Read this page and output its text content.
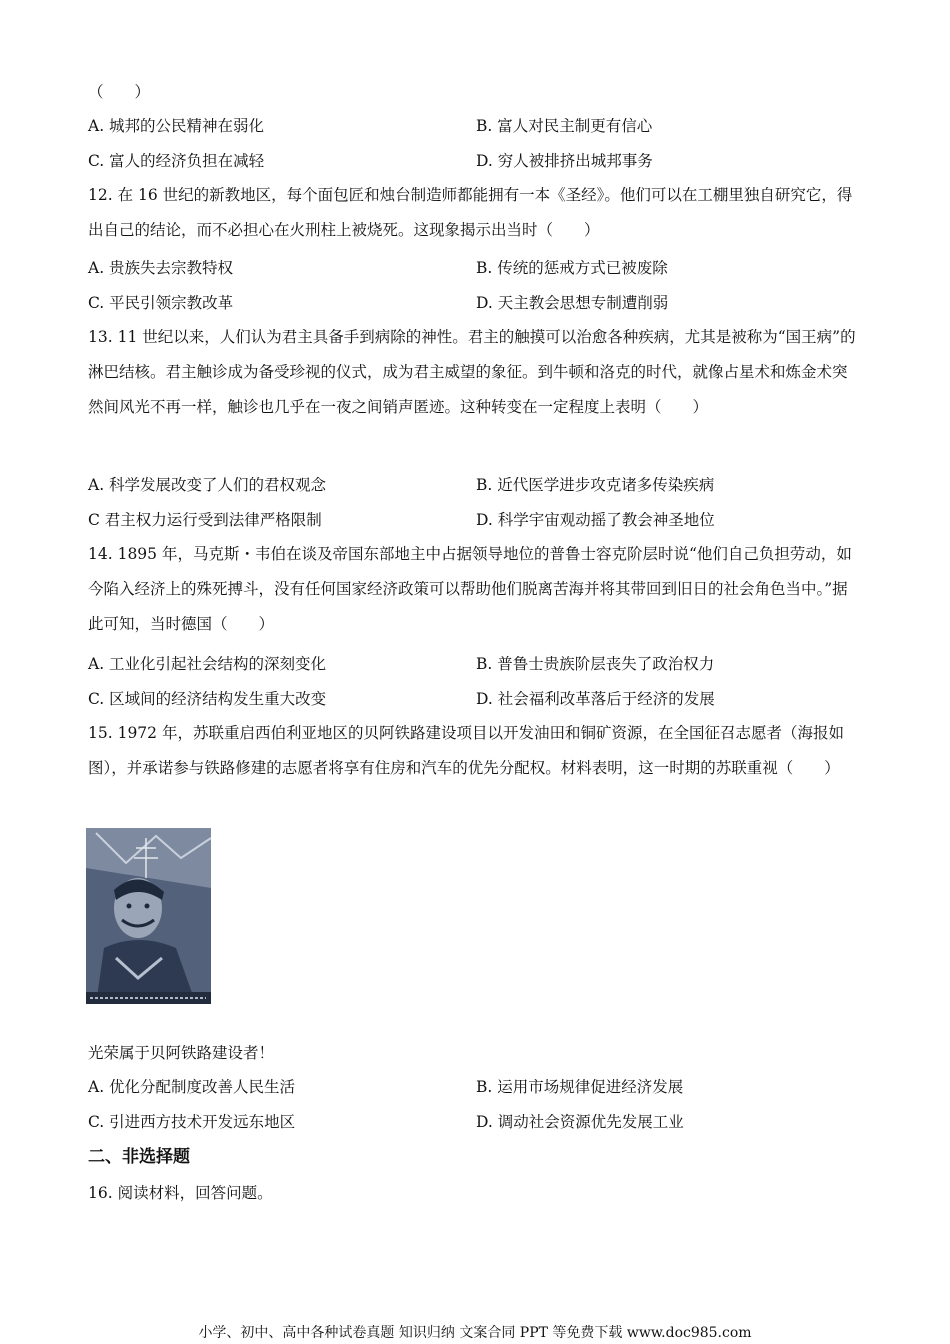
（　　）
A. 城邦的公民精神在弱化	B. 富人对民主制更有信心
C. 富人的经济负担在减轻	D. 穷人被排挤出城邦事务
12. 在 16 世纪的新教地区，每个面包匠和烛台制造师都能拥有一本《圣经》。他们可以在工棚里独自研究它，得出自己的结论，而不必担心在火刑柱上被烧死。这现象揭示出当时（　　）
A. 贵族失去宗教特权	B. 传统的惩戒方式已被废除
C. 平民引领宗教改革	D. 天主教会思想专制遭削弱
13. 11 世纪以来，人们认为君主具备手到病除的神性。君主的触摸可以治愈各种疾病，尤其是被称为“国王病”的淋巴结核。君主触诊成为备受珍视的仪式，成为君主威望的象征。到牛顿和洛克的时代，就像占星术和炼金术突然间风光不再一样，触诊也几乎在一夜之间销声匿迹。这种转变在一定程度上表明（　　）
A. 科学发展改变了人们的君权观念	B. 近代医学进步攻克诸多传染疾病
C 君主权力运行受到法律严格限制	D. 科学宇宙观动摇了教会神圣地位
14. 1895 年，马克斯・韦伯在谈及帝国东部地主中占据领导地位的普鲁士容克阶层时说“他们自己负担劳动，如今陷入经济上的殊死搏斗，没有任何国家经济政策可以帮助他们脱离苦海并将其带回到旧日的社会角色当中。”据此可知，当时德国（　　）
A. 工业化引起社会结构的深刻变化	B. 普鲁士贵族阶层丧失了政治权力
C. 区域间的经济结构发生重大改变	D. 社会福利改革落后于经济的发展
15. 1972 年，苏联重启西伯利亚地区的贝阿铁路建设项目以开发油田和铜矿资源，在全国征召志愿者（海报如图），并承诺参与铁路修建的志愿者将享有住房和汽车的优先分配权。材料表明，这一时期的苏联重视（　　）
光荣属于贝阿铁路建设者！
A. 优化分配制度改善人民生活	B. 运用市场规律促进经济发展
C. 引进西方技术开发远东地区	D. 调动社会资源优先发展工业
二、非选择题
16. 阅读材料，回答问题。
小学、初中、高中各种试卷真题 知识归纳 文案合同 PPT 等免费下载 www.doc985.com
